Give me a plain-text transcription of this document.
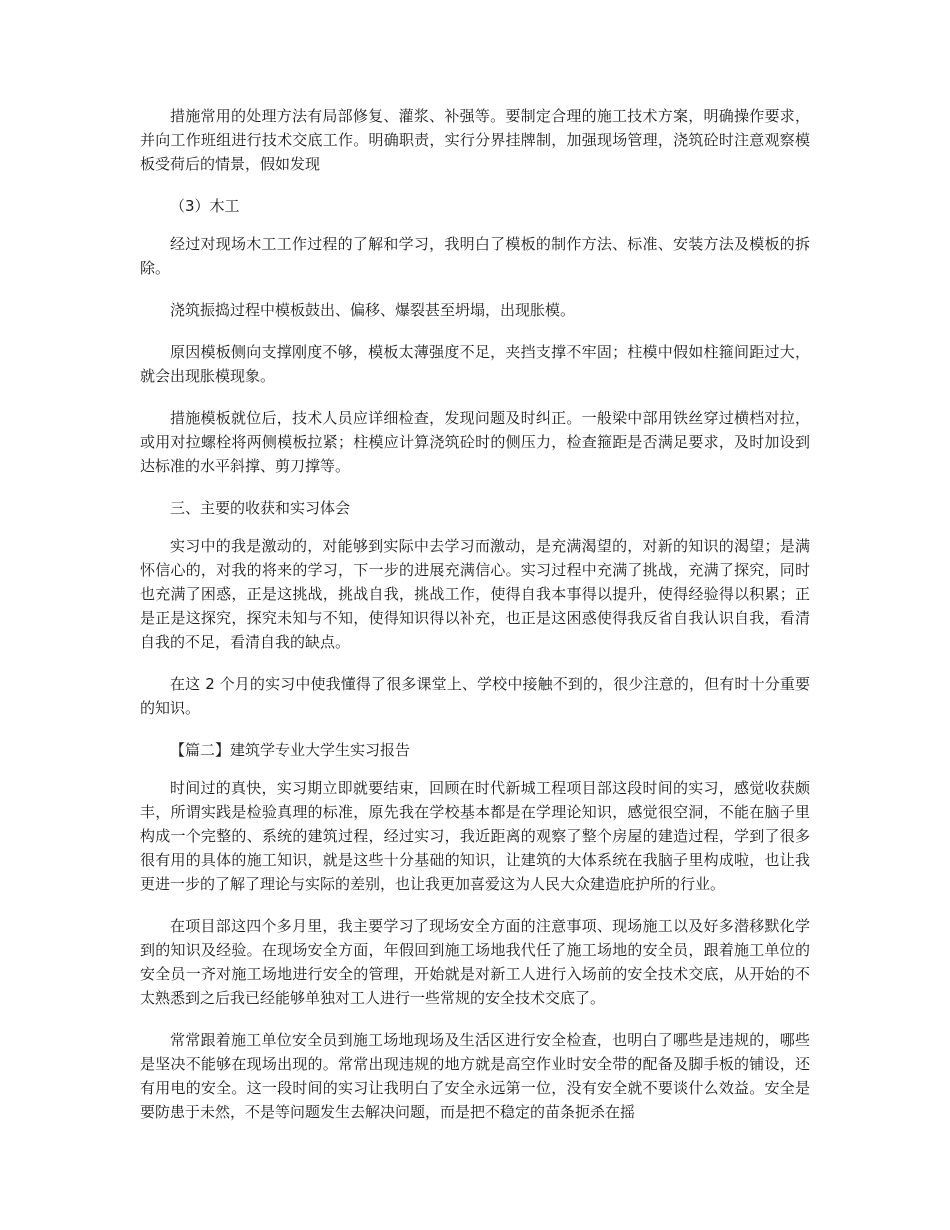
措施常用的处理方法有局部修复、灌浆、补强等。要制定合理的施工技术方案，明确操作要求，并向工作班组进行技术交底工作。明确职责，实行分界挂牌制，加强现场管理，浇筑砼时注意观察模板受荷后的情景，假如发现

（3）木工

经过对现场木工工作过程的了解和学习，我明白了模板的制作方法、标准、安装方法及模板的拆除。

浇筑振捣过程中模板鼓出、偏移、爆裂甚至坍塌，出现胀模。

原因模板侧向支撑刚度不够，模板太薄强度不足，夹挡支撑不牢固；柱模中假如柱箍间距过大，就会出现胀模现象。

措施模板就位后，技术人员应详细检查，发现问题及时纠正。一般梁中部用铁丝穿过横档对拉，或用对拉螺栓将两侧模板拉紧；柱模应计算浇筑砼时的侧压力，检查箍距是否满足要求，及时加设到达标准的水平斜撑、剪刀撑等。

三、主要的收获和实习体会

实习中的我是激动的，对能够到实际中去学习而激动，是充满渴望的，对新的知识的渴望；是满怀信心的，对我的将来的学习，下一步的进展充满信心。实习过程中充满了挑战，充满了探究，同时也充满了困惑，正是这挑战，挑战自我，挑战工作，使得自我本事得以提升，使得经验得以积累；正是正是这探究，探究未知与不知，使得知识得以补充，也正是这困惑使得我反省自我认识自我，看清自我的不足，看清自我的缺点。

在这 2 个月的实习中使我懂得了很多课堂上、学校中接触不到的，很少注意的，但有时十分重要的知识。

【篇二】建筑学专业大学生实习报告

时间过的真快，实习期立即就要结束，回顾在时代新城工程项目部这段时间的实习，感觉收获颇丰，所谓实践是检验真理的标准，原先我在学校基本都是在学理论知识，感觉很空洞，不能在脑子里构成一个完整的、系统的建筑过程，经过实习，我近距离的观察了整个房屋的建造过程，学到了很多很有用的具体的施工知识，就是这些十分基础的知识，让建筑的大体系统在我脑子里构成啦，也让我更进一步的了解了理论与实际的差别，也让我更加喜爱这为人民大众建造庇护所的行业。

在项目部这四个多月里，我主要学习了现场安全方面的注意事项、现场施工以及好多潜移默化学到的知识及经验。在现场安全方面，年假回到施工场地我代任了施工场地的安全员，跟着施工单位的安全员一齐对施工场地进行安全的管理，开始就是对新工人进行入场前的安全技术交底，从开始的不太熟悉到之后我已经能够单独对工人进行一些常规的安全技术交底了。

常常跟着施工单位安全员到施工场地现场及生活区进行安全检查，也明白了哪些是违规的，哪些是坚决不能够在现场出现的。常常出现违规的地方就是高空作业时安全带的配备及脚手板的铺设，还有用电的安全。这一段时间的实习让我明白了安全永远第一位，没有安全就不要谈什么效益。安全是要防患于未然，不是等问题发生去解决问题，而是把不稳定的苗条扼杀在摇
